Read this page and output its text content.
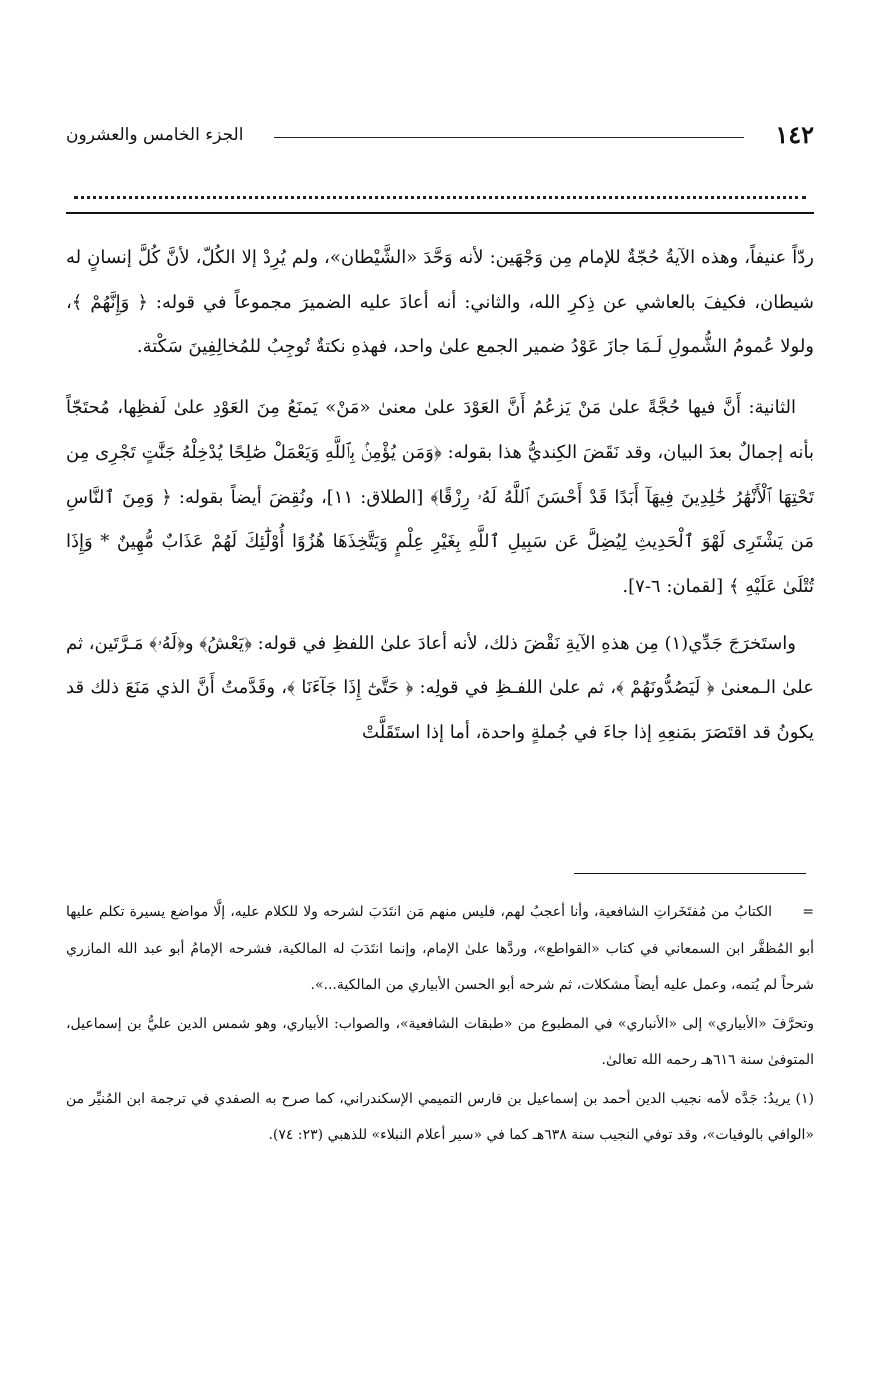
١٤٢
الجزء الخامس والعشرون

ردّاً عنيفاً، وهذه الآيةُ حُجّةٌ للإمام مِن وَجْهَين: لأنه وَحَّدَ «الشَّيْطان»، ولم يُرِدْ إلا الكُلّ، لأنَّ كُلَّ إنسانٍ له شيطان، فكيفَ بالعاشي عن ذِكرِ الله، والثاني: أنه أعادَ عليه الضميرَ مجموعاً في قوله: ﴿ وَإِنَّهُمْ ﴾، ولولا عُمومُ الشُّمولِ لَـمَا جازَ عَوْدُ ضمير الجمع علىٰ واحد، فهذهِ نكتةٌ تُوجِبُ للمُخالِفِينَ سَكْتة.

الثانية: أَنَّ فيها حُجَّةً علىٰ مَنْ يَزعُمُ أَنَّ العَوْدَ علىٰ معنىٰ «مَنْ» يَمنَعُ مِنَ العَوْدِ علىٰ لَفظِها، مُحتَجّاً بأنه إجمالٌ بعدَ البيان، وقد نَقَضَ الكِنديُّ هذا بقوله: ﴿وَمَن يُؤْمِنۢ بِٱللَّهِ وَيَعْمَلْ صَٰلِحًا يُدْخِلْهُ جَنَّٰتٍ تَجْرِى مِن تَحْتِهَا ٱلْأَنْهَٰرُ خَٰلِدِينَ فِيهَآ أَبَدًا قَدْ أَحْسَنَ ٱللَّهُ لَهُۥ رِزْقًا﴾ [الطلاق: ١١]، ونُقِضَ أيضاً بقوله: ﴿ وَمِنَ ٱلنَّاسِ مَن يَشْتَرِى لَهْوَ ٱلْحَدِيثِ لِيُضِلَّ عَن سَبِيلِ ٱللَّهِ بِغَيْرِ عِلْمٍ وَيَتَّخِذَهَا هُزُوًا أُوْلَٰٓئِكَ لَهُمْ عَذَابٌ مُّهِينٌ * وَإِذَا تُتْلَىٰ عَلَيْهِ ﴾ [لقمان: ٦-٧].

واستَخرَجَ جَدِّي(١) مِن هذهِ الآيةِ نَقْضَ ذلك، لأنه أعادَ علىٰ اللفظِ في قوله: ﴿يَعْشُ﴾ و﴿لَهُۥ﴾ مَـرَّتَين، ثم علىٰ الـمعنىٰ ﴿ لَيَصُدُّونَهُمْ ﴾، ثم علىٰ اللفـظِ في قولِه: ﴿ حَتَّىٰٓ إِذَا جَآءَنَا ﴾، وقَدَّمتُ أَنَّ الذي مَنَعَ ذلك قد يكونُ قد اقتَصَرَ بمَنعِهِ إذا جاءَ في جُملةٍ واحدة، أما إذا استَقَلَّتْ

=      الكتابُ من مُفتَخَراتِ الشافعية، وأنا أعجبُ لهم، فليس منهم مَن انتَدَبَ لشرحه ولا للكلام عليه، إلَّا مواضع يسيرة تكلم عليها أبو المُظفَّر ابن السمعاني في كتاب «القواطع»، وردَّها علىٰ الإمام، وإنما انتَدَبَ له المالكية، فشرحه الإمامُ أبو عبد الله المازري شرحاً لم يُتمه، وعمل عليه أيضاً مشكلات، ثم شرحه أبو الحسن الأبياري من المالكية...».

وتحرَّفَ «الأبياري» إلى «الأنباري» في المطبوع من «طبقات الشافعية»، والصواب: الأبياري، وهو شمس الدين عليُّ بن إسماعيل، المتوفىٰ سنة ٦١٦هـ رحمه الله تعالىٰ.

(١) يريدُ: جَدَّه لأمه نجيب الدين أحمد بن إسماعيل بن فارس التميمي الإسكندراني، كما صرح به الصفدي في ترجمة ابن المُنيِّر من «الوافي بالوفيات»، وقد توفي النجيب سنة ٦٣٨هـ كما في «سير أعلام النبلاء» للذهبي (٢٣: ٧٤).
